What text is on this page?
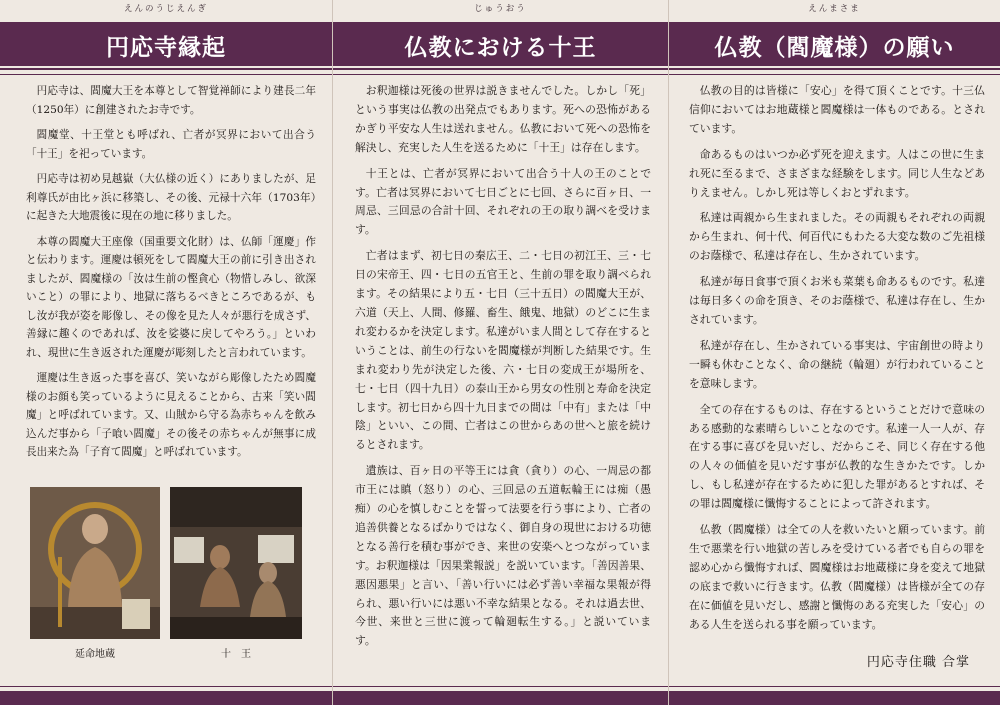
えんのうじえんぎ
円応寺縁起

円応寺は、閻魔大王を本尊として智覚禅師により建長二年（1250年）に創建されたお寺です。

閻魔堂、十王堂とも呼ばれ、亡者が冥界において出合う「十王」を祀っています。

円応寺は初め見越嶽（大仏様の近く）にありましたが、足利尊氏が由比ヶ浜に移築し、その後、元禄十六年（1703年）に起きた大地震後に現在の地に移りました。

本尊の閻魔大王座像（国重要文化財）は、仏師「運慶」作と伝わります。運慶は頓死をして閻魔大王の前に引き出されましたが、閻魔様の「汝は生前の慳貪心（物惜しみし、欲深いこと）の罪により、地獄に落ちるべきところであるが、もし汝が我が姿を彫像し、その像を見た人々が悪行を成さず、善縁に趣くのであれば、汝を娑婆に戻してやろう。」といわれ、現世に生き返された運慶が彫刻したと言われています。

運慶は生き返った事を喜び、笑いながら彫像したため閻魔様のお顔も笑っているように見えることから、古来「笑い閻魔」と呼ばれています。又、山賊から守る為赤ちゃんを飲み込んだ事から「子喰い閻魔」その後その赤ちゃんが無事に成長出来た為「子育て閻魔」と呼ばれています。

延命地蔵	十　王
じゅうおう
仏教における十王

お釈迦様は死後の世界は説きませんでした。しかし「死」という事実は仏教の出発点でもあります。死への恐怖があるかぎり平安な人生は送れません。仏教において死への恐怖を解決し、充実した人生を送るために「十王」は存在します。

十王とは、亡者が冥界において出合う十人の王のことです。亡者は冥界において七日ごとに七回、さらに百ヶ日、一周忌、三回忌の合計十回、それぞれの王の取り調べを受けます。

亡者はまず、初七日の秦広王、二・七日の初江王、三・七日の宋帝王、四・七日の五官王と、生前の罪を取り調べられます。その結果により五・七日（三十五日）の閻魔大王が、六道（天上、人間、修羅、畜生、餓鬼、地獄）のどこに生まれ変わるかを決定します。私達がいま人間として存在するということは、前生の行ないを閻魔様が判断した結果です。生まれ変わり先が決定した後、六・七日の変成王が場所を、七・七日（四十九日）の泰山王から男女の性別と寿命を決定します。初七日から四十九日までの間は「中有」または「中陰」といい、この間、亡者はこの世からあの世へと旅を続けるとされます。

遺族は、百ヶ日の平等王には貪（貪り）の心、一周忌の都市王には瞋（怒り）の心、三回忌の五道転輪王には痴（愚痴）の心を慎しむことを誓って法要を行う事により、亡者の追善供養となるばかりではなく、御自身の現世における功徳となる善行を積む事ができ、来世の安楽へとつながっています。お釈迦様は「因果業報説」を説いています。「善因善果、悪因悪果」と言い、「善い行いには必ず善い幸福な果報が得られ、悪い行いには悪い不幸な結果となる。それは過去世、今世、来世と三世に渡って輪廻転生する。」と説いています。

えんまさま
仏教（閻魔様）の願い

仏教の目的は皆様に「安心」を得て頂くことです。十三仏信仰においてはお地蔵様と閻魔様は一体ものである。とされています。

命あるものはいつか必ず死を迎えます。人はこの世に生まれ死に至るまで、さまざまな経験をします。同じ人生などありえません。しかし死は等しくおとずれます。

私達は両親から生まれました。その両親もそれぞれの両親から生まれ、何十代、何百代にもわたる大変な数のご先祖様のお蔭様で、私達は存在し、生かされています。

私達が毎日食事で頂くお米も菜葉も命あるものです。私達は毎日多くの命を頂き、そのお蔭様で、私達は存在し、生かされています。

私達が存在し、生かされている事実は、宇宙創世の時より一瞬も休むことなく、命の継続（輪廻）が行われていることを意味します。

全ての存在するものは、存在するということだけで意味のある感動的な素晴らしいことなのです。私達一人一人が、存在する事に喜びを見いだし、だからこそ、同じく存在する他の人々の価値を見いだす事が仏教的な生きかたです。しかし、もし私達が存在するために犯した罪があるとすれば、その罪は閻魔様に懺悔することによって許されます。

仏教（閻魔様）は全ての人を救いたいと願っています。前生で悪業を行い地獄の苦しみを受けている者でも自らの罪を認め心から懺悔すれば、閻魔様はお地蔵様に身を変えて地獄の底まで救いに行きます。仏教（閻魔様）は皆様が全ての存在に価値を見いだし、感謝と懺悔のある充実した「安心」のある人生を送られる事を願っています。

円応寺住職 合掌
